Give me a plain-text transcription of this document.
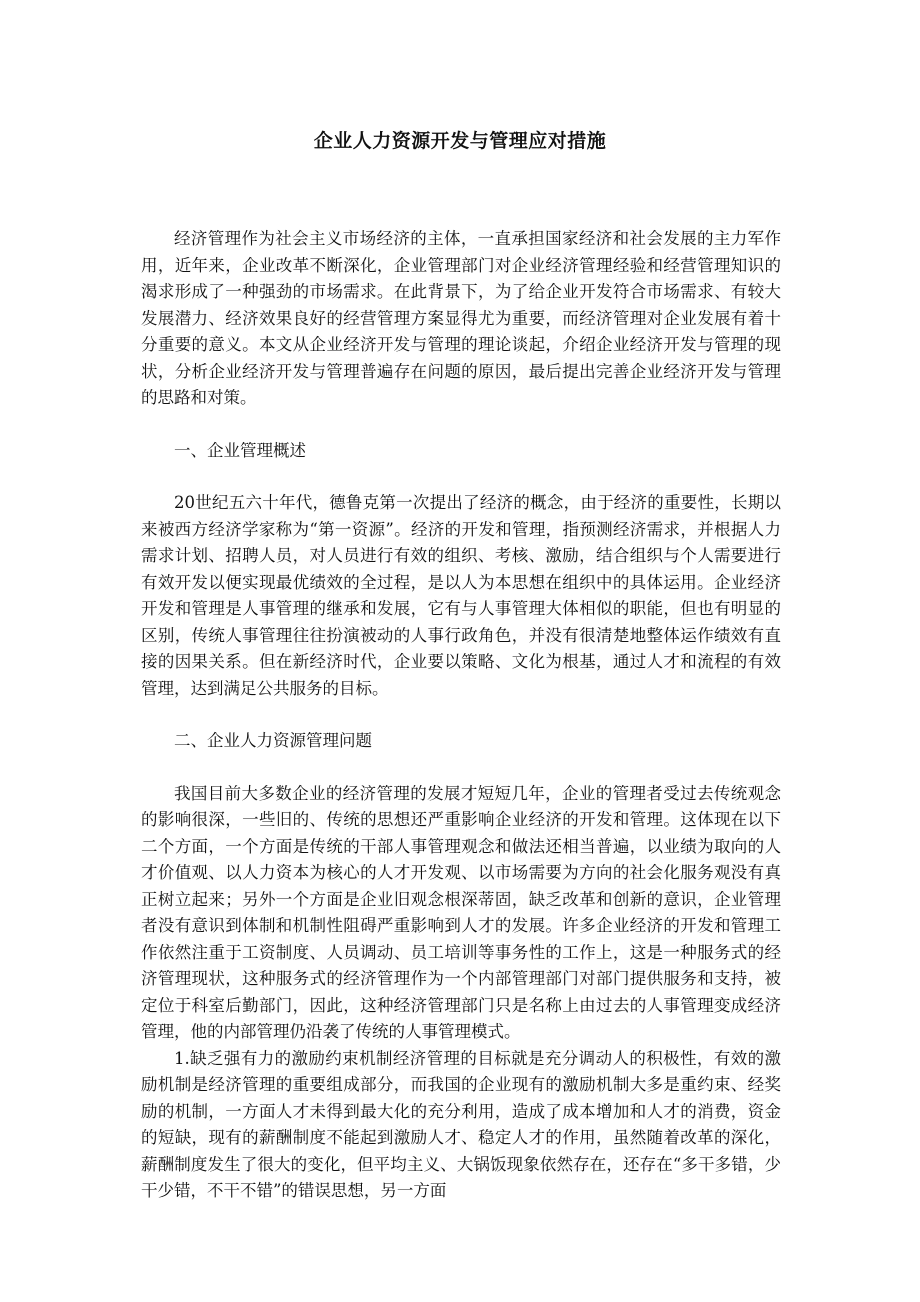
企业人力资源开发与管理应对措施

经济管理作为社会主义市场经济的主体，一直承担国家经济和社会发展的主力军作用，近年来，企业改革不断深化，企业管理部门对企业经济管理经验和经营管理知识的渴求形成了一种强劲的市场需求。在此背景下，为了给企业开发符合市场需求、有较大发展潜力、经济效果良好的经营管理方案显得尤为重要，而经济管理对企业发展有着十分重要的意义。本文从企业经济开发与管理的理论谈起，介绍企业经济开发与管理的现状，分析企业经济开发与管理普遍存在问题的原因，最后提出完善企业经济开发与管理的思路和对策。

一、企业管理概述

20世纪五六十年代，德鲁克第一次提出了经济的概念，由于经济的重要性，长期以来被西方经济学家称为“第一资源”。经济的开发和管理，指预测经济需求，并根据人力需求计划、招聘人员，对人员进行有效的组织、考核、激励，结合组织与个人需要进行有效开发以便实现最优绩效的全过程，是以人为本思想在组织中的具体运用。企业经济开发和管理是人事管理的继承和发展，它有与人事管理大体相似的职能，但也有明显的区别，传统人事管理往往扮演被动的人事行政角色，并没有很清楚地整体运作绩效有直接的因果关系。但在新经济时代，企业要以策略、文化为根基，通过人才和流程的有效管理，达到满足公共服务的目标。

二、企业人力资源管理问题

我国目前大多数企业的经济管理的发展才短短几年，企业的管理者受过去传统观念的影响很深，一些旧的、传统的思想还严重影响企业经济的开发和管理。这体现在以下二个方面，一个方面是传统的干部人事管理观念和做法还相当普遍，以业绩为取向的人才价值观、以人力资本为核心的人才开发观、以市场需要为方向的社会化服务观没有真正树立起来；另外一个方面是企业旧观念根深蒂固，缺乏改革和创新的意识，企业管理者没有意识到体制和机制性阻碍严重影响到人才的发展。许多企业经济的开发和管理工作依然注重于工资制度、人员调动、员工培训等事务性的工作上，这是一种服务式的经济管理现状，这种服务式的经济管理作为一个内部管理部门对部门提供服务和支持，被定位于科室后勤部门，因此，这种经济管理部门只是名称上由过去的人事管理变成经济管理，他的内部管理仍沿袭了传统的人事管理模式。

1.缺乏强有力的激励约束机制经济管理的目标就是充分调动人的积极性，有效的激励机制是经济管理的重要组成部分，而我国的企业现有的激励机制大多是重约束、经奖励的机制，一方面人才未得到最大化的充分利用，造成了成本增加和人才的消费，资金的短缺，现有的薪酬制度不能起到激励人才、稳定人才的作用，虽然随着改革的深化，薪酬制度发生了很大的变化，但平均主义、大锅饭现象依然存在，还存在“多干多错，少干少错，不干不错”的错误思想，另一方面
